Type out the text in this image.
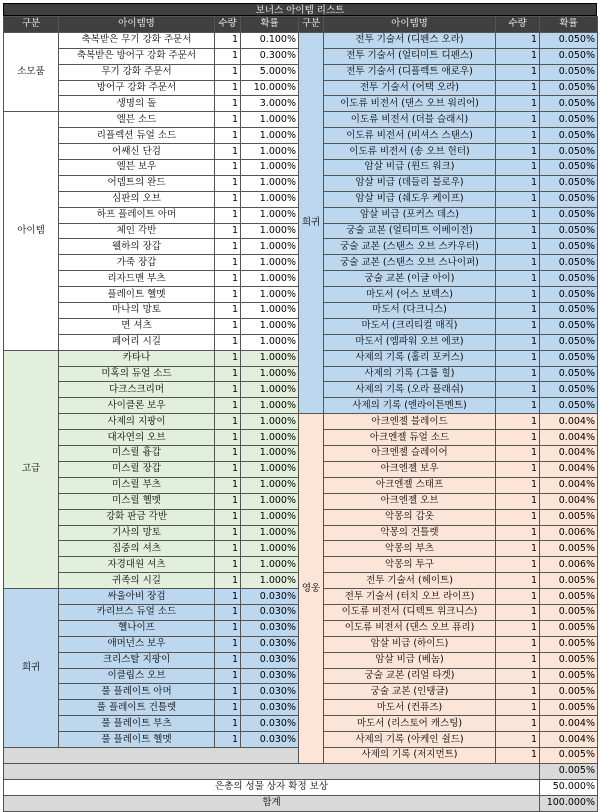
보너스 아이템 리스트
구분	아이템명	수량	확률	구분	아이템명	수량	확률
소모품	축복받은 무기 강화 주문서	1	0.100%	희귀	전투 기술서 (디펜스 오라)	1	0.050%
	축복받은 방어구 강화 주문서	1	0.300%		전투 기술서 (얼티미트 디펜스)	1	0.050%
	무기 강화 주문서	1	5.000%		전투 기술서 (디플렉트 애로우)	1	0.050%
	방어구 강화 주문서	1	10.000%		전투 기술서 (어택 오라)	1	0.050%
	생명의 돌	1	3.000%		이도류 비전서 (댄스 오브 워리어)	1	0.050%
아이템	엘븐 소드	1	1.000%		이도류 비전서 (더블 슬래시)	1	0.050%
	리플렉션 듀얼 소드	1	1.000%		이도류 비전서 (비셔스 스탠스)	1	0.050%
	어쌔신 단검	1	1.000%		이도류 비전서 (송 오브 헌터)	1	0.050%
	엘븐 보우	1	1.000%		암살 비급 (윈드 워크)	1	0.050%
	어뎁트의 완드	1	1.000%		암살 비급 (데들리 블로우)	1	0.050%
	심판의 오브	1	1.000%		암살 비급 (쉐도우 케이프)	1	0.050%
	하프 플레이트 아머	1	1.000%		암살 비급 (포커스 데스)	1	0.050%
	체인 각반	1	1.000%		궁술 교본 (얼티미트 이베이전)	1	0.050%
	웰하의 장갑	1	1.000%		궁술 교본 (스탠스 오브 스카우터)	1	0.050%
	가죽 장갑	1	1.000%		궁술 교본 (스탠스 오브 스나이퍼)	1	0.050%
	리자드맨 부츠	1	1.000%		궁술 교본 (이글 아이)	1	0.050%
	플레이트 헬멧	1	1.000%		마도서 (어스 보텍스)	1	0.050%
	마나의 망토	1	1.000%		마도서 (다크니스)	1	0.050%
	면 셔츠	1	1.000%		마도서 (크리티컬 매직)	1	0.050%
	페어리 시길	1	1.000%		마도서 (엠파워 오브 에코)	1	0.050%
고급	카타나	1	1.000%		사제의 기록 (홀리 포커스)	1	0.050%
	미혹의 듀얼 소드	1	1.000%		사제의 기록 (그룹 힐)	1	0.050%
	다크스크리머	1	1.000%		사제의 기록 (오라 플래쉬)	1	0.050%
	사이클론 보우	1	1.000%		사제의 기록 (엔라이튼멘트)	1	0.050%
	사제의 지팡이	1	1.000%	영웅	아크엔젤 블레이드	1	0.004%
	대자연의 오브	1	1.000%		아크엔젤 듀얼 소드	1	0.004%
	미스릴 흉갑	1	1.000%		아크엔젤 슬레이어	1	0.004%
	미스릴 장갑	1	1.000%		아크엔젤 보우	1	0.004%
	미스릴 부츠	1	1.000%		아크엔젤 스태프	1	0.004%
	미스릴 헬멧	1	1.000%		아크엔젤 오브	1	0.004%
	강화 판금 각반	1	1.000%		악몽의 갑옷	1	0.005%
	기사의 망토	1	1.000%		악몽의 건틀렛	1	0.006%
	집중의 셔츠	1	1.000%		악몽의 부츠	1	0.005%
	자경대원 셔츠	1	1.000%		악몽의 투구	1	0.006%
	귀족의 시길	1	1.000%		전투 기술서 (헤이트)	1	0.005%
희귀	싸울아비 장검	1	0.030%		전투 기술서 (터치 오브 라이프)	1	0.005%
	카리브스 듀얼 소드	1	0.030%		이도류 비전서 (디텍트 위크니스)	1	0.005%
	헬나이프	1	0.030%		이도류 비전서 (댄스 오브 퓨리)	1	0.005%
	애머넌스 보우	1	0.030%		암살 비급 (하이드)	1	0.005%
	크리스탈 지팡이	1	0.030%		암살 비급 (베놈)	1	0.005%
	이클립스 오브	1	0.030%		궁술 교본 (리얼 타겟)	1	0.005%
	풀 플레이트 아머	1	0.030%		궁술 교본 (인탱글)	1	0.005%
	풀 플레이트 건틀렛	1	0.030%		마도서 (컨퓨즈)	1	0.005%
	풀 플레이트 부츠	1	0.030%		마도서 (리스토어 캐스팅)	1	0.004%
	풀 플레이트 헬멧	1	0.030%		사제의 기록 (아케인 쉴드)	1	0.004%
					사제의 기록 (저지먼트)	1	0.005%
							0.005%
은총의 성물 상자 확정 보상							50.000%
합계							100.000%
